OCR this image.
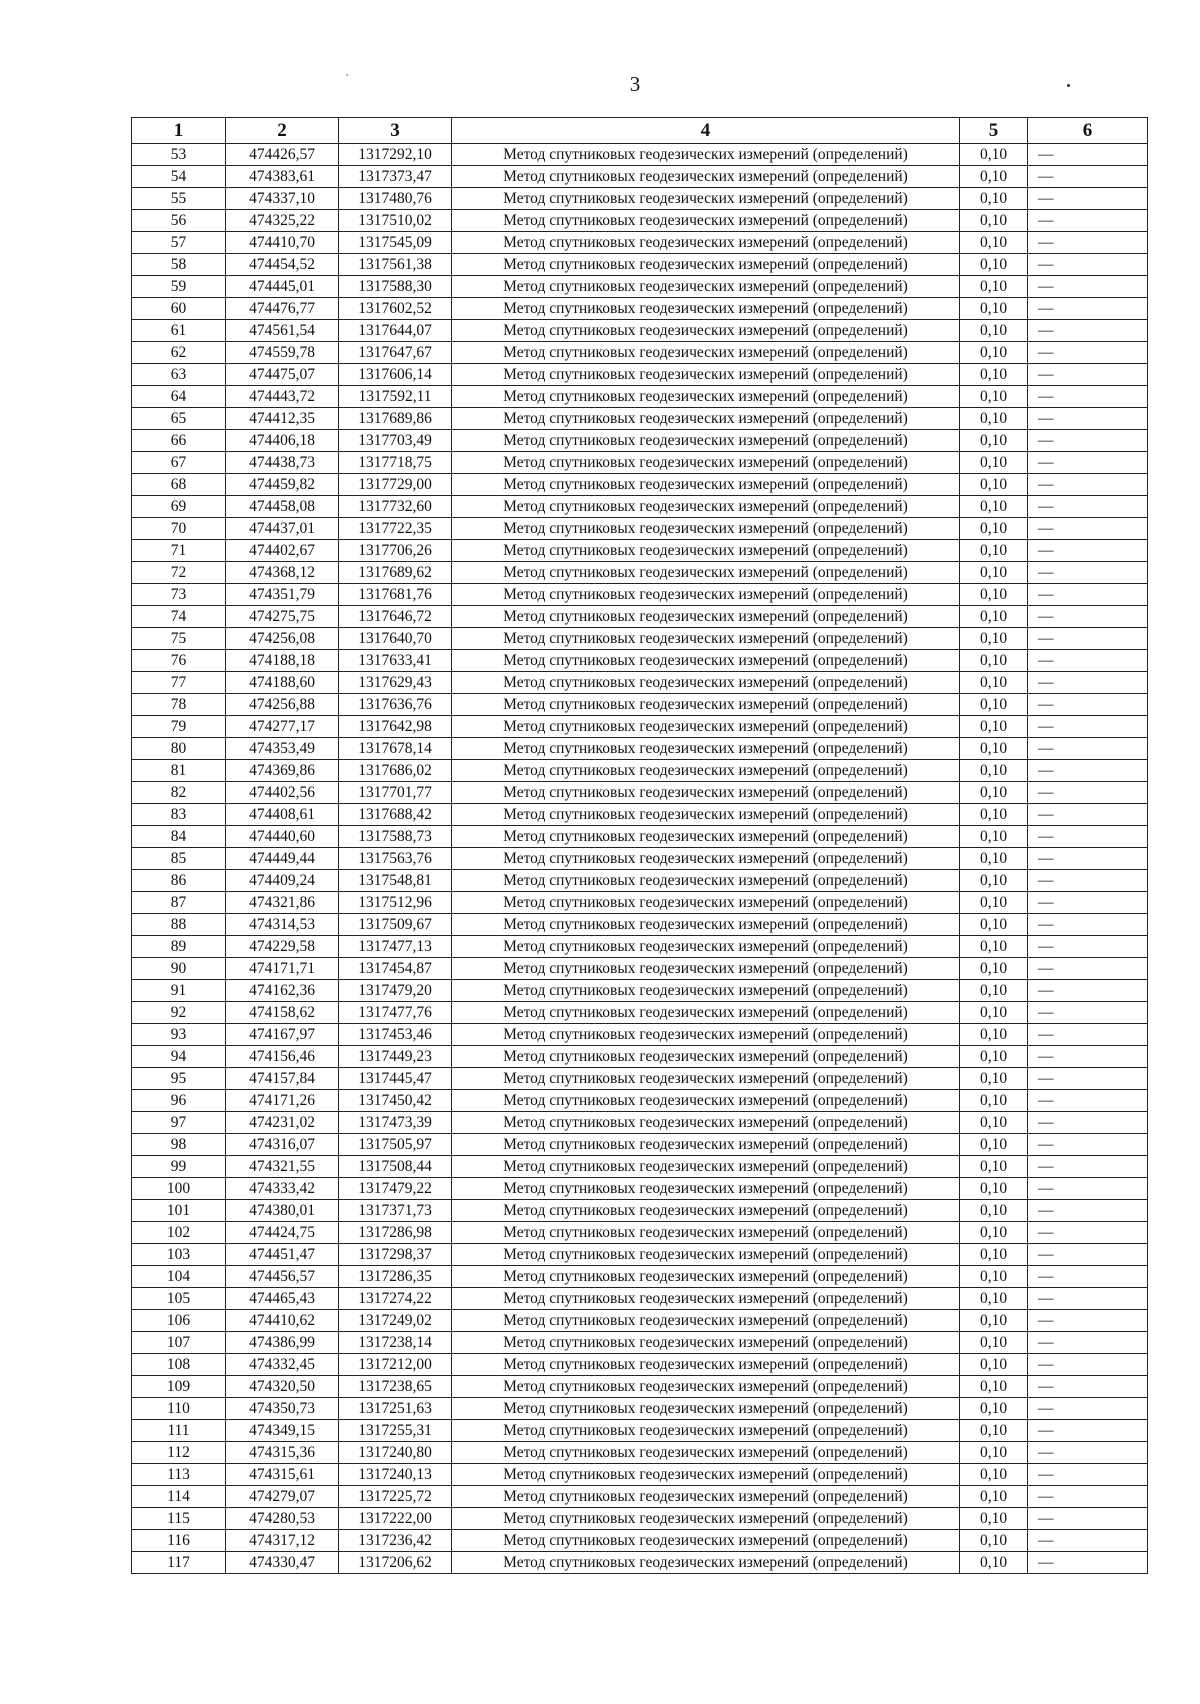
3
1	2	3	4	5	6
53	474426,57	1317292,10	Метод спутниковых геодезических измерений (определений)	0,10	—
54	474383,61	1317373,47	Метод спутниковых геодезических измерений (определений)	0,10	—
55	474337,10	1317480,76	Метод спутниковых геодезических измерений (определений)	0,10	—
56	474325,22	1317510,02	Метод спутниковых геодезических измерений (определений)	0,10	—
57	474410,70	1317545,09	Метод спутниковых геодезических измерений (определений)	0,10	—
58	474454,52	1317561,38	Метод спутниковых геодезических измерений (определений)	0,10	—
59	474445,01	1317588,30	Метод спутниковых геодезических измерений (определений)	0,10	—
60	474476,77	1317602,52	Метод спутниковых геодезических измерений (определений)	0,10	—
61	474561,54	1317644,07	Метод спутниковых геодезических измерений (определений)	0,10	—
62	474559,78	1317647,67	Метод спутниковых геодезических измерений (определений)	0,10	—
63	474475,07	1317606,14	Метод спутниковых геодезических измерений (определений)	0,10	—
64	474443,72	1317592,11	Метод спутниковых геодезических измерений (определений)	0,10	—
65	474412,35	1317689,86	Метод спутниковых геодезических измерений (определений)	0,10	—
66	474406,18	1317703,49	Метод спутниковых геодезических измерений (определений)	0,10	—
67	474438,73	1317718,75	Метод спутниковых геодезических измерений (определений)	0,10	—
68	474459,82	1317729,00	Метод спутниковых геодезических измерений (определений)	0,10	—
69	474458,08	1317732,60	Метод спутниковых геодезических измерений (определений)	0,10	—
70	474437,01	1317722,35	Метод спутниковых геодезических измерений (определений)	0,10	—
71	474402,67	1317706,26	Метод спутниковых геодезических измерений (определений)	0,10	—
72	474368,12	1317689,62	Метод спутниковых геодезических измерений (определений)	0,10	—
73	474351,79	1317681,76	Метод спутниковых геодезических измерений (определений)	0,10	—
74	474275,75	1317646,72	Метод спутниковых геодезических измерений (определений)	0,10	—
75	474256,08	1317640,70	Метод спутниковых геодезических измерений (определений)	0,10	—
76	474188,18	1317633,41	Метод спутниковых геодезических измерений (определений)	0,10	—
77	474188,60	1317629,43	Метод спутниковых геодезических измерений (определений)	0,10	—
78	474256,88	1317636,76	Метод спутниковых геодезических измерений (определений)	0,10	—
79	474277,17	1317642,98	Метод спутниковых геодезических измерений (определений)	0,10	—
80	474353,49	1317678,14	Метод спутниковых геодезических измерений (определений)	0,10	—
81	474369,86	1317686,02	Метод спутниковых геодезических измерений (определений)	0,10	—
82	474402,56	1317701,77	Метод спутниковых геодезических измерений (определений)	0,10	—
83	474408,61	1317688,42	Метод спутниковых геодезических измерений (определений)	0,10	—
84	474440,60	1317588,73	Метод спутниковых геодезических измерений (определений)	0,10	—
85	474449,44	1317563,76	Метод спутниковых геодезических измерений (определений)	0,10	—
86	474409,24	1317548,81	Метод спутниковых геодезических измерений (определений)	0,10	—
87	474321,86	1317512,96	Метод спутниковых геодезических измерений (определений)	0,10	—
88	474314,53	1317509,67	Метод спутниковых геодезических измерений (определений)	0,10	—
89	474229,58	1317477,13	Метод спутниковых геодезических измерений (определений)	0,10	—
90	474171,71	1317454,87	Метод спутниковых геодезических измерений (определений)	0,10	—
91	474162,36	1317479,20	Метод спутниковых геодезических измерений (определений)	0,10	—
92	474158,62	1317477,76	Метод спутниковых геодезических измерений (определений)	0,10	—
93	474167,97	1317453,46	Метод спутниковых геодезических измерений (определений)	0,10	—
94	474156,46	1317449,23	Метод спутниковых геодезических измерений (определений)	0,10	—
95	474157,84	1317445,47	Метод спутниковых геодезических измерений (определений)	0,10	—
96	474171,26	1317450,42	Метод спутниковых геодезических измерений (определений)	0,10	—
97	474231,02	1317473,39	Метод спутниковых геодезических измерений (определений)	0,10	—
98	474316,07	1317505,97	Метод спутниковых геодезических измерений (определений)	0,10	—
99	474321,55	1317508,44	Метод спутниковых геодезических измерений (определений)	0,10	—
100	474333,42	1317479,22	Метод спутниковых геодезических измерений (определений)	0,10	—
101	474380,01	1317371,73	Метод спутниковых геодезических измерений (определений)	0,10	—
102	474424,75	1317286,98	Метод спутниковых геодезических измерений (определений)	0,10	—
103	474451,47	1317298,37	Метод спутниковых геодезических измерений (определений)	0,10	—
104	474456,57	1317286,35	Метод спутниковых геодезических измерений (определений)	0,10	—
105	474465,43	1317274,22	Метод спутниковых геодезических измерений (определений)	0,10	—
106	474410,62	1317249,02	Метод спутниковых геодезических измерений (определений)	0,10	—
107	474386,99	1317238,14	Метод спутниковых геодезических измерений (определений)	0,10	—
108	474332,45	1317212,00	Метод спутниковых геодезических измерений (определений)	0,10	—
109	474320,50	1317238,65	Метод спутниковых геодезических измерений (определений)	0,10	—
110	474350,73	1317251,63	Метод спутниковых геодезических измерений (определений)	0,10	—
111	474349,15	1317255,31	Метод спутниковых геодезических измерений (определений)	0,10	—
112	474315,36	1317240,80	Метод спутниковых геодезических измерений (определений)	0,10	—
113	474315,61	1317240,13	Метод спутниковых геодезических измерений (определений)	0,10	—
114	474279,07	1317225,72	Метод спутниковых геодезических измерений (определений)	0,10	—
115	474280,53	1317222,00	Метод спутниковых геодезических измерений (определений)	0,10	—
116	474317,12	1317236,42	Метод спутниковых геодезических измерений (определений)	0,10	—
117	474330,47	1317206,62	Метод спутниковых геодезических измерений (определений)	0,10	—
